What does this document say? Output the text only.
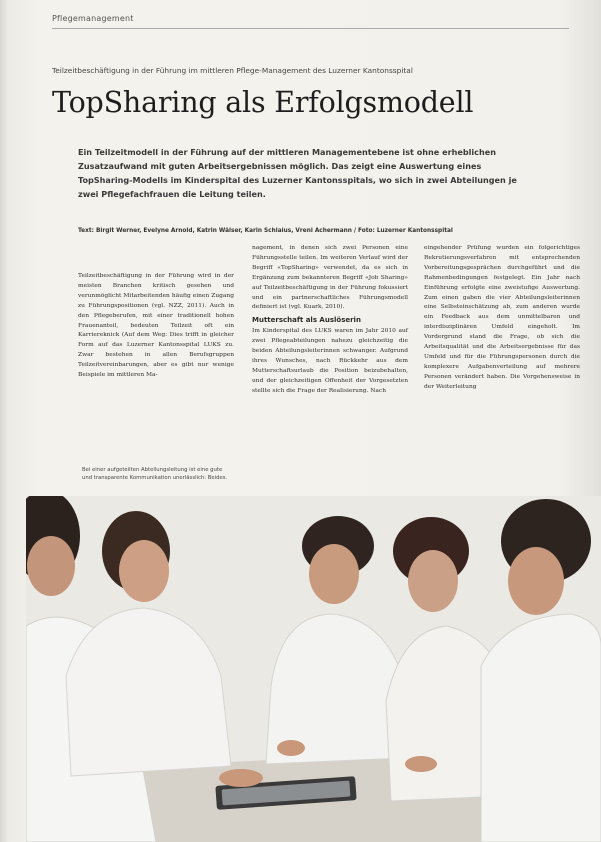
Pflegemanagement
Teilzeitbeschäftigung in der Führung im mittleren Pflege-Management des Luzerner Kantonsspital
TopSharing als Erfolgsmodell

Ein Teilzeitmodell in der Führung auf der mittleren Managementebene ist ohne erheblichen Zusatzaufwand mit guten Arbeitsergebnissen möglich. Das zeigt eine Auswertung eines TopSharing-Modells im Kinderspital des Luzerner Kantonsspitals, wo sich in zwei Abteilungen je zwei Pflegefachfrauen die Leitung teilen.

Text: Birgit Werner, Evelyne Arnold, Katrin Wälser, Karin Schlaius, Vreni Achermann / Foto: Luzerner Kantonsspital

Teilzeitbeschäftigung in der Führung wird in der meisten Branchen kritisch gesehen und verunmöglicht Mitarbeitenden häufig einen Zugang zu Führungspositionen (vgl. NZZ, 2011). Auch in den Pflegeberufen, mit einer traditionell hohen Frauenanteil, bedeuten Teilzeit oft ein Karriereknick (Auf dem Weg: Dies trifft in gleicher Form auf das Luzerner Kantonsspital LUKS zu. Zwar bestehen in allen Berufsgruppen Teilzeitvereinbarungen, aber es gibt nur wenige Beispiele im mittleren Ma-

nagement, in denen sich zwei Personen eine Führungsstelle teilen. Im weiteren Verlauf wird der Begriff «TopSharing» verwendet, da es sich in Ergänzung zum bekannteren Begriff «Job Sharing» auf Teilzeitbeschäftigung in der Führung fokussiert und ein partnerschaftliches Führungsmodell definiert ist (vgl. Kuark, 2010).

Mutterschaft als Auslöserin

Im Kinderspital des LUKS waren im Jahr 2010 auf zwei Pflegeabteilungen nahezu gleichzeitig die beiden Abteilungsleiterinnen schwanger. Aufgrund ihres Wunsches, nach Rückkehr aus dem Mutterschaftsurlaub die Position beizubehalten, und der gleichzeitigen Offenheit der Vorgesetzten stellte sich die Frage der Realisierung. Nach

eingehender Prüfung wurden ein folgerichtiges Rekrutierungsverfahren mit entsprechenden Vorbereitungsgesprächen durchgeführt und die Rahmenbedingungen festgelegt. Ein Jahr nach Einführung erfolgte eine zweistufige Auswertung. Zum einen gaben die vier Abteilungsleiterinnen eine Selbsteinschätzung ab, zum anderen wurde ein Feedback aus dem unmittelbaren und interdisziplinären Umfeld eingeholt. Im Vordergrund stand die Frage, ob sich die Arbeitsqualität und die Arbeitsergebnisse für das Umfeld und für die Führungspersonen durch die komplexere Aufgabenverteilung auf mehrere Personen verändert haben. Die Vorgehensweise in der Weiterleitung

Bei einer aufgeteilten Abteilungsleitung ist eine gute und transparente Kommunikation unerlässlich: Beides.
